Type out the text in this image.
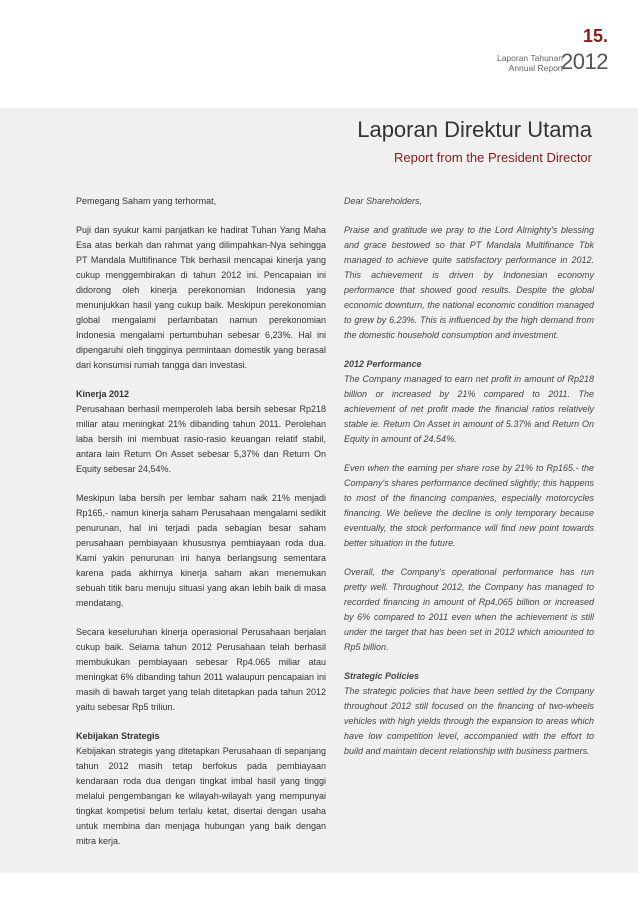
15.
Laporan Tahunan
Annual Report
2012
Laporan Direktur Utama
Report from the President Director

Pemegang Saham yang terhormat,

Puji dan syukur kami panjatkan ke hadirat Tuhan Yang Maha Esa atas berkah dan rahmat yang dilimpahkan-Nya sehingga PT Mandala Multifinance Tbk berhasil mencapai kinerja yang cukup menggembirakan di tahun 2012 ini. Pencapaian ini didorong oleh kinerja perekonomian Indonesia yang menunjukkan hasil yang cukup baik. Meskipun perekonomian global mengalami perlambatan namun perekonomian Indonesia mengalami pertumbuhan sebesar 6,23%. Hal ini dipengaruhi oleh tingginya permintaan domestik yang berasal dari konsumsi rumah tangga dan investasi.

Kinerja 2012

Perusahaan berhasil memperoleh laba bersih sebesar Rp218 miliar atau meningkat 21% dibanding tahun 2011. Perolehan laba bersih ini membuat rasio-rasio keuangan relatif stabil, antara lain Return On Asset sebesar 5,37% dan Return On Equity sebesar 24,54%.

Meskipun laba bersih per lembar saham naik 21% menjadi Rp165,- namun kinerja saham Perusahaan mengalami sedikit penurunan, hal ini terjadi pada sebagian besar saham perusahaan pembiayaan khususnya pembiayaan roda dua. Kami yakin penurunan ini hanya berlangsung sementara karena pada akhirnya kinerja saham akan menemukan sebuah titik baru menuju situasi yang akan lebih baik di masa mendatang.

Secara keseluruhan kinerja operasional Perusahaan berjalan cukup baik. Selama tahun 2012 Perusahaan telah berhasil membukukan pembiayaan sebesar Rp4.065 miliar atau meningkat 6% dibanding tahun 2011 walaupun pencapaian ini masih di bawah target yang telah ditetapkan pada tahun 2012 yaitu sebesar Rp5 triliun.

Kebijakan Strategis

Kebijakan strategis yang ditetapkan Perusahaan di sepanjang tahun 2012 masih tetap berfokus pada pembiayaan kendaraan roda dua dengan tingkat imbal hasil yang tinggi melalui pengembangan ke wilayah-wilayah yang mempunyai tingkat kompetisi belum terlalu ketat, disertai dengan usaha untuk membina dan menjaga hubungan yang baik dengan mitra kerja.

Dear Shareholders,

Praise and gratitude we pray to the Lord Almighty's blessing and grace bestowed so that PT Mandala Multifinance Tbk managed to achieve quite satisfactory performance in 2012. This achievement is driven by Indonesian economy performance that showed good results. Despite the global economic downturn, the national economic condition managed to grew by 6.23%. This is influenced by the high demand from the domestic household consumption and investment.

2012 Performance

The Company managed to earn net profit in amount of Rp218 billion or increased by 21% compared to 2011. The achievement of net profit made the financial ratios relatively stable ie. Return On Asset in amount of 5.37% and Return On Equity in amount of 24.54%.

Even when the earning per share rose by 21% to Rp165.- the Company's shares performance declined slightly; this happens to most of the financing companies, especially motorcycles financing. We believe the decline is only temporary because eventually, the stock performance will find new point towards better situation in the future.

Overall, the Company's operational performance has run pretty well. Throughout 2012, the Company has managed to recorded financing in amount of Rp4,065 billion or increased by 6% compared to 2011 even when the achievement is still under the target that has been set in 2012 which amounted to Rp5 billion.

Strategic Policies

The strategic policies that have been settled by the Company throughout 2012 still focused on the financing of two-wheels vehicles with high yields through the expansion to areas which have low competition level, accompanied with the effort to build and maintain decent relationship with business partners.
